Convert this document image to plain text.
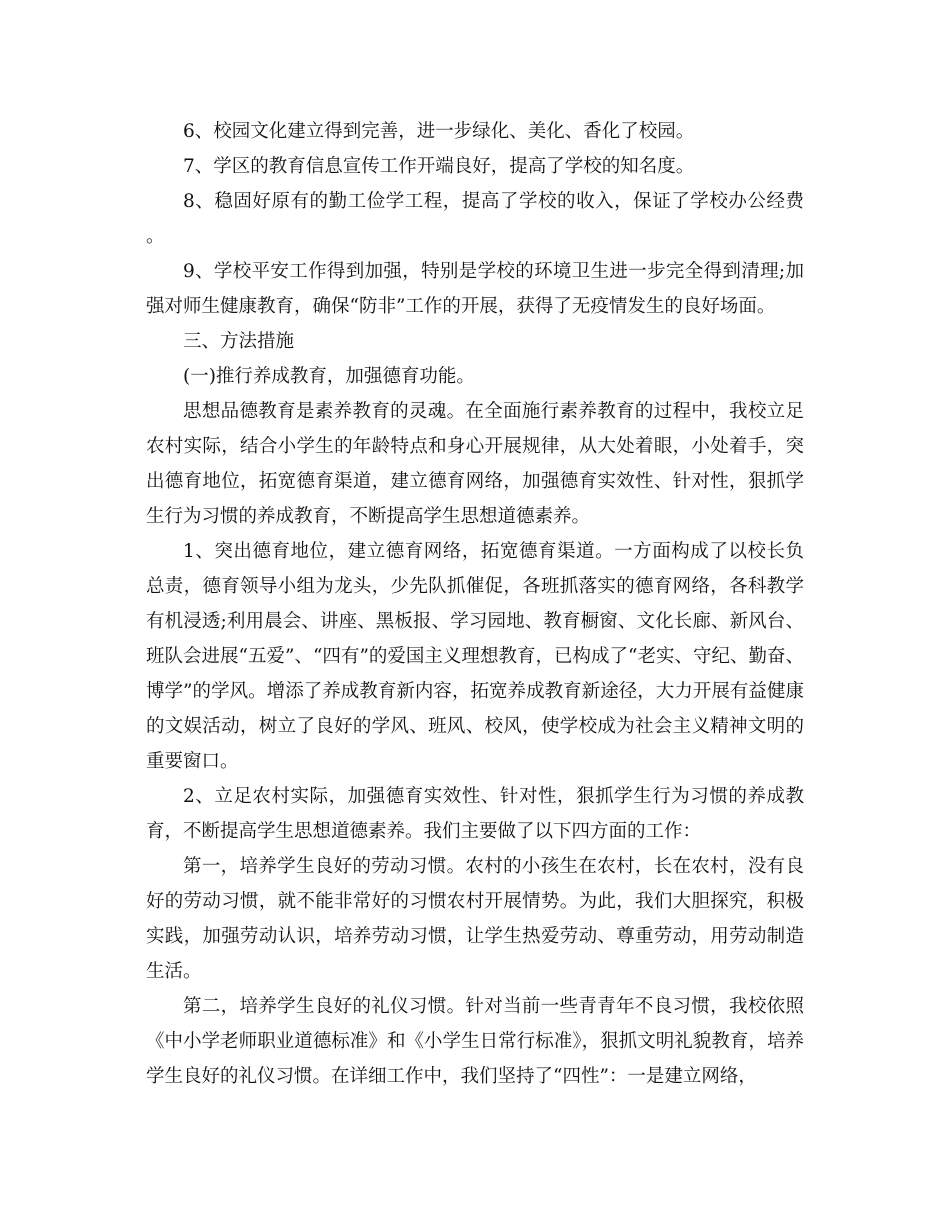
6、校园文化建立得到完善，进一步绿化、美化、香化了校园。

7、学区的教育信息宣传工作开端良好，提高了学校的知名度。

8、稳固好原有的勤工俭学工程，提高了学校的收入，保证了学校办公经费。

9、学校平安工作得到加强，特别是学校的环境卫生进一步完全得到清理;加强对师生健康教育，确保“防非”工作的开展，获得了无疫情发生的良好场面。

三、方法措施

(一)推行养成教育，加强德育功能。

思想品德教育是素养教育的灵魂。在全面施行素养教育的过程中，我校立足农村实际，结合小学生的年龄特点和身心开展规律，从大处着眼，小处着手，突出德育地位，拓宽德育渠道，建立德育网络，加强德育实效性、针对性，狠抓学生行为习惯的养成教育，不断提高学生思想道德素养。

1、突出德育地位，建立德育网络，拓宽德育渠道。一方面构成了以校长负总责，德育领导小组为龙头，少先队抓催促，各班抓落实的德育网络，各科教学有机浸透;利用晨会、讲座、黑板报、学习园地、教育橱窗、文化长廊、新风台、班队会进展“五爱”、“四有”的爱国主义理想教育，已构成了“老实、守纪、勤奋、博学”的学风。增添了养成教育新内容，拓宽养成教育新途径，大力开展有益健康的文娱活动，树立了良好的学风、班风、校风，使学校成为社会主义精神文明的重要窗口。

2、立足农村实际，加强德育实效性、针对性，狠抓学生行为习惯的养成教育，不断提高学生思想道德素养。我们主要做了以下四方面的工作：

第一，培养学生良好的劳动习惯。农村的小孩生在农村，长在农村，没有良好的劳动习惯，就不能非常好的习惯农村开展情势。为此，我们大胆探究，积极实践，加强劳动认识，培养劳动习惯，让学生热爱劳动、尊重劳动，用劳动制造生活。

第二，培养学生良好的礼仪习惯。针对当前一些青青年不良习惯，我校依照《中小学老师职业道德标准》和《小学生日常行标准》，狠抓文明礼貌教育，培养学生良好的礼仪习惯。在详细工作中，我们坚持了“四性”：一是建立网络，
